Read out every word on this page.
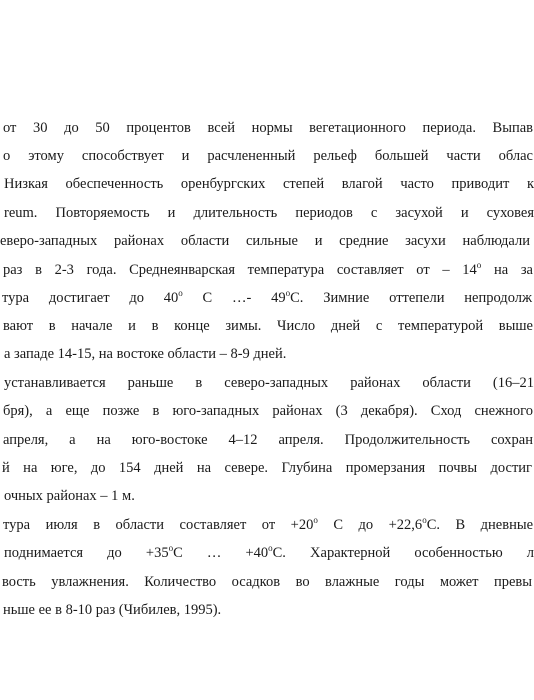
от 30 до 50 процентов всей нормы вегетационного периода. Выпав
о этому способствует и расчлененный рельеф большей части облас
Низкая обеспеченность оренбургских степей влагой часто приводит к
reum. Повторяемость и длительность периодов с засухой и суховея
еверо-западных районах области сильные и средние засухи наблюдали
раз в 2-3 года. Среднеянварская температура составляет от – 14$^o$ на за
тура достигает до 40$^o$ С …- 49$^o$С. Зимние оттепели непродолж
вают в начале и в конце зимы. Число дней с температурой выше
а западе 14-15, на востоке области – 8-9 дней.
устанавливается раньше в северо-западных районах области (16–21
бря), а еще позже в юго-западных районах (3 декабря). Сход снежного
апреля, а на юго-востоке 4–12 апреля. Продолжительность сохран
й на юге, до 154 дней на севере. Глубина промерзания почвы достиг
очных районах – 1 м.
тура июля в области составляет от $+20^o$ С до $+22,6^oС$. В дневные
поднимается до $+35^oС$ … $+40^oС$. Характерной особенностью л
вость увлажнения. Количество осадков во влажные годы может превы
ньше ее в 8-10 раз (Чибилев, 1995).
